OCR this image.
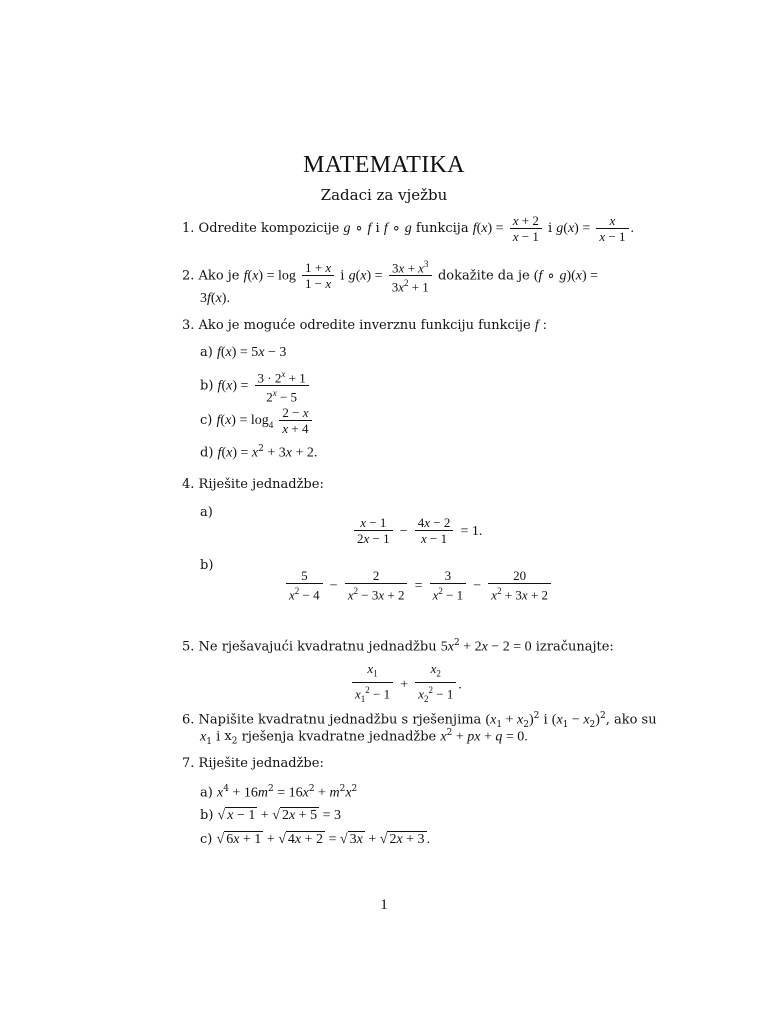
MATEMATIKA
Zadaci za vježbu
1. Odredite kompozicije g ∘ f i f ∘ g funkcija $f(x) = \frac{x + 2}{x - 1}$ i $g(x) = \frac{x}{x - 1}$ .
2. Ako je $f(x) = \log \frac{1 + x}{1 - x}$ i $g(x) = \frac{3x + x^3}{3x^2 + 1}$ dokažite da je (f ∘ g)(x) =
3f(x).
3. Ako je moguće odredite inverznu funkciju funkcije f :
a) f(x) = 5x − 3
b) $f(x) = \frac{3 \cdot 2^x + 1}{2^x - 5}$
c) $f(x) = \log_4 \frac{2 - x}{x + 4}$
d) $f(x) = x^2 + 3x + 2$.
4. Riješite jednadžbe:
a)
$\frac{x - 1}{2x - 1} - \frac{4x - 2}{x - 1} = 1$.
b)
$\frac{5}{x^2 - 4} - \frac{2}{x^2 - 3x + 2} = \frac{3}{x^2 - 1} - \frac{20}{x^2 + 3x + 2}$
5. Ne rješavajući kvadratnu jednadžbu $5x^2 + 2x - 2 = 0$ izračunajte:
$\frac{x_1}{x_1^2 - 1} + \frac{x_2}{x_2^2 - 1}$ .
6. Napišite kvadratnu jednadžbu s rješenjima $(x_1 + x_2)^2$ i $(x_1 - x_2)^2$, ako su
$x_1$ i $x_2$ rješenja kvadratne jednadžbe $x^2$ + px + q = 0.
7. Riješite jednadžbe:
a) $x^4 + 16m^2 = 16x^2 + m^2x^2$
b) √ x − 1 + √ 2x + 5 = 3
c) √ 6x + 1 + √ 4x + 2 = √ 3x + √ 2x + 3 .
1
